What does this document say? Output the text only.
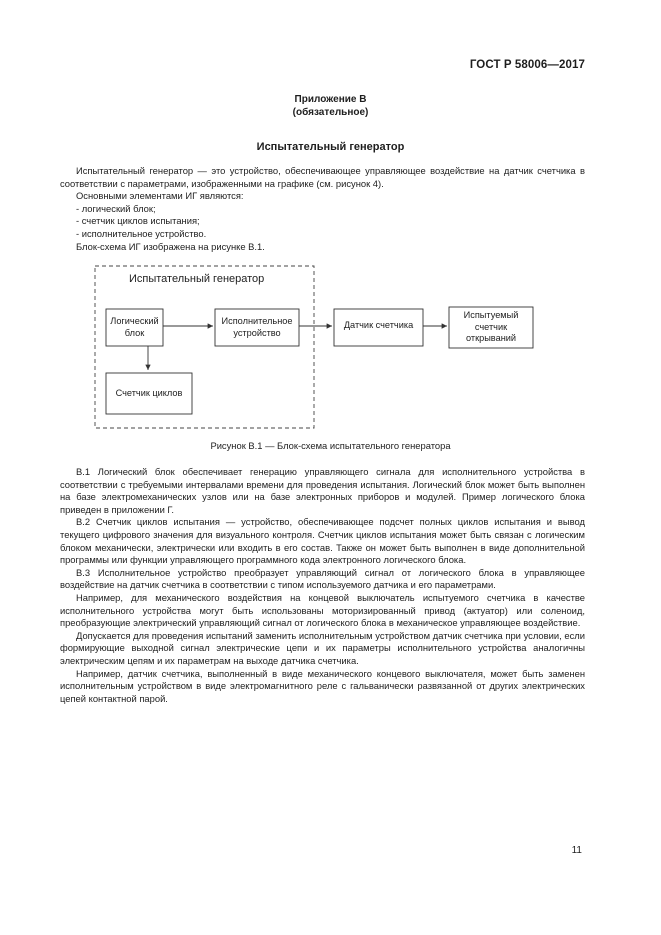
ГОСТ Р 58006—2017
Приложение В
(обязательное)
Испытательный генератор

Испытательный генератор — это устройство, обеспечивающее управляющее воздействие на датчик счетчика в соответствии с параметрами, изображенными на графике (см. рисунок 4).

Основными элементами ИГ являются:

- логический блок;

- счетчик циклов испытания;

- исполнительное устройство.

Блок-схема ИГ изображена на рисунке В.1.

Испытательный генератор
Логический блок
Исполнительное устройство
Счетчик циклов
Датчик счетчика
Испытуемый счетчик открываний
Рисунок В.1 — Блок-схема испытательного генератора

В.1 Логический блок обеспечивает генерацию управляющего сигнала для исполнительного устройства в соответствии с требуемыми интервалами времени для проведения испытания. Логический блок может быть выполнен на базе электромеханических узлов или на базе электронных приборов и модулей. Пример логического блока приведен в приложении Г.

В.2 Счетчик циклов испытания — устройство, обеспечивающее подсчет полных циклов испытания и вывод текущего цифрового значения для визуального контроля. Счетчик циклов испытания может быть связан с логическим блоком механически, электрически или входить в его состав. Также он может быть выполнен в виде дополнительной программы или функции управляющего программного кода электронного логического блока.

В.3 Исполнительное устройство преобразует управляющий сигнал от логического блока в управляющее воздействие на датчик счетчика в соответствии с типом используемого датчика и его параметрами.

Например, для механического воздействия на концевой выключатель испытуемого счетчика в качестве исполнительного устройства могут быть использованы моторизированный привод (актуатор) или соленоид, преобразующие электрический управляющий сигнал от логического блока в механическое управляющее воздействие.

Допускается для проведения испытаний заменить исполнительным устройством датчик счетчика при условии, если формирующие выходной сигнал электрические цепи и их параметры исполнительного устройства аналогичны электрическим цепям и их параметрам на выходе датчика счетчика.

Например, датчик счетчика, выполненный в виде механического концевого выключателя, может быть заменен исполнительным устройством в виде электромагнитного реле с гальванически развязанной от других электрических цепей контактной парой.

11
